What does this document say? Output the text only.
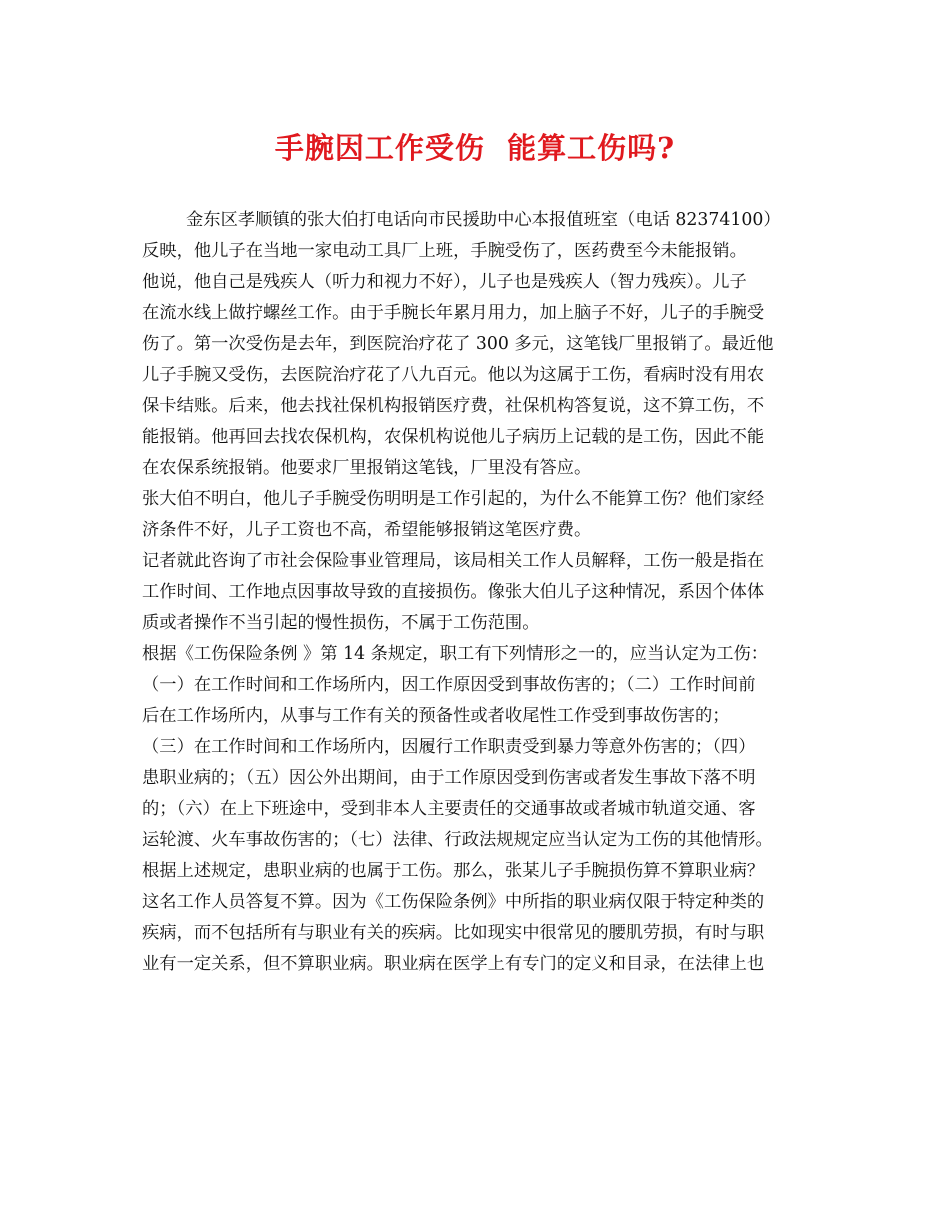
手腕因工作受伤  能算工伤吗?
金东区孝顺镇的张大伯打电话向市民援助中心本报值班室（电话 82374100）
反映，他儿子在当地一家电动工具厂上班，手腕受伤了，医药费至今未能报销。
他说，他自己是残疾人（听力和视力不好），儿子也是残疾人（智力残疾）。儿子
在流水线上做拧螺丝工作。由于手腕长年累月用力，加上脑子不好，儿子的手腕受
伤了。第一次受伤是去年，到医院治疗花了 300 多元，这笔钱厂里报销了。最近他
儿子手腕又受伤，去医院治疗花了八九百元。他以为这属于工伤，看病时没有用农
保卡结账。后来，他去找社保机构报销医疗费，社保机构答复说，这不算工伤，不
能报销。他再回去找农保机构，农保机构说他儿子病历上记载的是工伤，因此不能
在农保系统报销。他要求厂里报销这笔钱，厂里没有答应。
张大伯不明白，他儿子手腕受伤明明是工作引起的，为什么不能算工伤？他们家经
济条件不好，儿子工资也不高，希望能够报销这笔医疗费。
记者就此咨询了市社会保险事业管理局，该局相关工作人员解释，工伤一般是指在
工作时间、工作地点因事故导致的直接损伤。像张大伯儿子这种情况，系因个体体
质或者操作不当引起的慢性损伤，不属于工伤范围。
根据《工伤保险条例 》第 14 条规定，职工有下列情形之一的，应当认定为工伤：
（一）在工作时间和工作场所内，因工作原因受到事故伤害的；（二）工作时间前
后在工作场所内，从事与工作有关的预备性或者收尾性工作受到事故伤害的；
（三）在工作时间和工作场所内，因履行工作职责受到暴力等意外伤害的；（四）
患职业病的；（五）因公外出期间，由于工作原因受到伤害或者发生事故下落不明
的；（六）在上下班途中，受到非本人主要责任的交通事故或者城市轨道交通、客
运轮渡、火车事故伤害的；（七）法律、行政法规规定应当认定为工伤的其他情形。
根据上述规定，患职业病的也属于工伤。那么，张某儿子手腕损伤算不算职业病？
这名工作人员答复不算。因为《工伤保险条例》中所指的职业病仅限于特定种类的
疾病，而不包括所有与职业有关的疾病。比如现实中很常见的腰肌劳损，有时与职
业有一定关系，但不算职业病。职业病在医学上有专门的定义和目录，在法律上也
